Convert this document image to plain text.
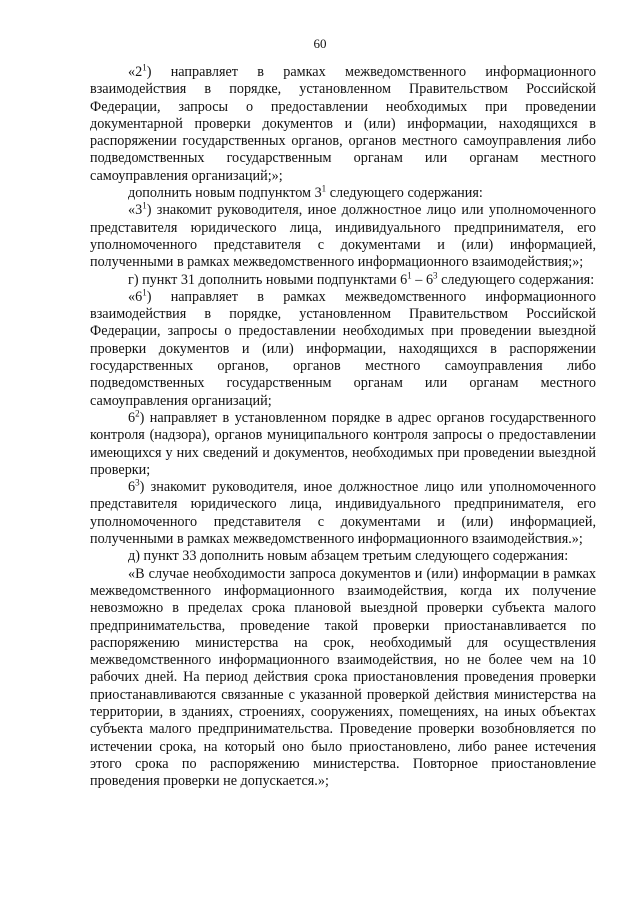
60

«$2^1$) направляет в рамках межведомственного информационного взаимодействия в порядке, установленном Правительством Российской Федерации, запросы о предоставлении необходимых при проведении документарной проверки документов и (или) информации, находящихся в распоряжении государственных органов, органов местного самоуправления либо подведомственных государственным органам или органам местного самоуправления организаций;»;

дополнить новым подпунктом $3^1$ следующего содержания:

«$3^1$) знакомит руководителя, иное должностное лицо или уполномоченного представителя юридического лица, индивидуального предпринимателя, его уполномоченного представителя с документами и (или) информацией, полученными в рамках межведомственного информационного взаимодействия;»;

г) пункт 31 дополнить новыми подпунктами $6^1 - 6^3$ следующего содержания:

«$6^1$) направляет в рамках межведомственного информационного взаимодействия в порядке, установленном Правительством Российской Федерации, запросы о предоставлении необходимых при проведении выездной проверки документов и (или) информации, находящихся в распоряжении государственных органов, органов местного самоуправления либо подведомственных государственным органам или органам местного самоуправления организаций;

$6^2$) направляет в установленном порядке в адрес органов государственного контроля (надзора), органов муниципального контроля запросы о предоставлении имеющихся у них сведений и документов, необходимых при проведении выездной проверки;

$6^3$) знакомит руководителя, иное должностное лицо или уполномоченного представителя юридического лица, индивидуального предпринимателя, его уполномоченного представителя с документами и (или) информацией, полученными в рамках межведомственного информационного взаимодействия.»;

д) пункт 33 дополнить новым абзацем третьим следующего содержания:

«В случае необходимости запроса документов и (или) информации в рамках межведомственного информационного взаимодействия, когда их получение невозможно в пределах срока плановой выездной проверки субъекта малого предпринимательства, проведение такой проверки приостанавливается по распоряжению министерства на срок, необходимый для осуществления межведомственного информационного взаимодействия, но не более чем на 10 рабочих дней. На период действия срока приостановления проведения проверки приостанавливаются связанные с указанной проверкой действия министерства на территории, в зданиях, строениях, сооружениях, помещениях, на иных объектах субъекта малого предпринимательства. Проведение проверки возобновляется по истечении срока, на который оно было приостановлено, либо ранее истечения этого срока по распоряжению министерства. Повторное приостановление проведения проверки не допускается.»;
